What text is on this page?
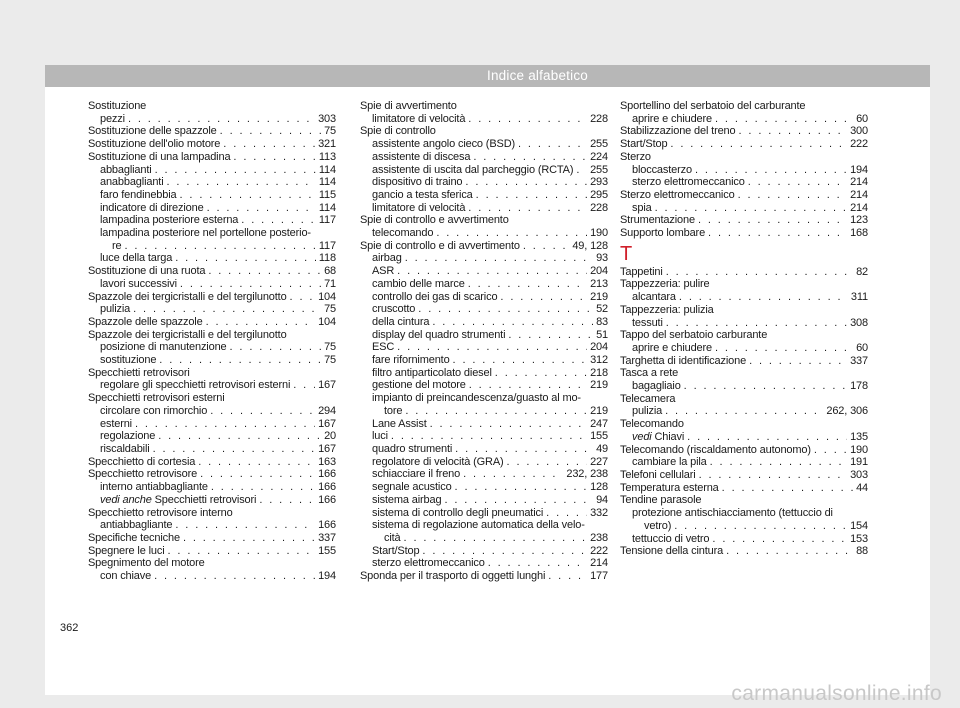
Indice alfabetico
Sostituzione
pezzi . . .	303
Sostituzione delle spazzole . . .	75
Sostituzione dell'olio motore . . .	321
Sostituzione di una lampadina . . .	113
abbaglianti . . .	114
anabbaglianti . . .	114
faro fendinebbia . . .	115
indicatore di direzione . . .	114
lampadina posteriore esterna . . .	117
lampadina posteriore nel portellone posterio-
re . . .	117
luce della targa . . .	118
Sostituzione di una ruota . . .	68
lavori successivi . . .	71
Spazzole dei tergicristalli e del tergilunotto . . .	104
pulizia . . .	75
Spazzole delle spazzole . . .	104
Spazzole dei tergicristalli e del tergilunotto
posizione di manutenzione . . .	75
sostituzione . . .	75
Specchietti retrovisori
regolare gli specchietti retrovisori esterni . . .	167
Specchietti retrovisori esterni
circolare con rimorchio . . .	294
esterni . . .	167
regolazione . . .	20
riscaldabili . . .	167
Specchietto di cortesia . . .	163
Specchietto retrovisore . . .	166
interno antiabbagliante . . .	166
vedi anche Specchietti retrovisori . . .	166
Specchietto retrovisore interno
antiabbagliante . . .	166
Specifiche tecniche . . .	337
Spegnere le luci . . .	155
Spegnimento del motore
con chiave . . .	194
Spie di avvertimento
limitatore di velocità . . .	228
Spie di controllo
assistente angolo cieco (BSD) . . .	255
assistente di discesa . . .	224
assistente di uscita dal parcheggio (RCTA) . . . 255
dispositivo di traino . . .	293
gancio a testa sferica . . .	295
limitatore di velocità . . .	228
Spie di controllo e avvertimento
telecomando . . .	190
Spie di controllo e di avvertimento . . .	49, 128
airbag . . .	93
ASR . . .	204
cambio delle marce . . .	213
controllo dei gas di scarico . . .	219
cruscotto . . .	52
della cintura . . .	83
display del quadro strumenti . . .	51
ESC . . .	204
fare rifornimento . . .	312
filtro antiparticolato diesel . . .	218
gestione del motore . . .	219
impianto di preincandescenza/guasto al mo-
tore . . .	219
Lane Assist . . .	247
luci . . .	155
quadro strumenti . . .	49
regolatore di velocità (GRA) . . .	227
schiacciare il freno . . .	232, 238
segnale acustico . . .	128
sistema airbag . . .	94
sistema di controllo degli pneumatici . . .	332
sistema di regolazione automatica della velo-
cità . . .	238
Start/Stop . . .	222
sterzo elettromeccanico . . .	214
Sponda per il trasporto di oggetti lunghi . . .	177
Sportellino del serbatoio del carburante
aprire e chiudere . . .	60
Stabilizzazione del treno . . .	300
Start/Stop . . .	222
Sterzo
bloccasterzo . . .	194
sterzo elettromeccanico . . .	214
Sterzo elettromeccanico . . .	214
spia . . .	214
Strumentazione . . .	123
Supporto lombare . . .	168
T
Tappetini . . .	82
Tappezzeria: pulire
alcantara . . .	311
Tappezzeria: pulizia
tessuti . . .	308
Tappo del serbatoio carburante
aprire e chiudere . . .	60
Targhetta di identificazione . . .	337
Tasca a rete
bagagliaio . . .	178
Telecamera
pulizia . . .	262, 306
Telecomando
vedi Chiavi . . .	135
Telecomando (riscaldamento autonomo) . . .	190
cambiare la pila . . .	191
Telefoni cellulari . . .	303
Temperatura esterna . . .	44
Tendine parasole
protezione antischiacciamento (tettuccio di
vetro) . . .	154
tettuccio di vetro . . .	153
Tensione della cintura . . .	88
362
carmanualsonline.info
